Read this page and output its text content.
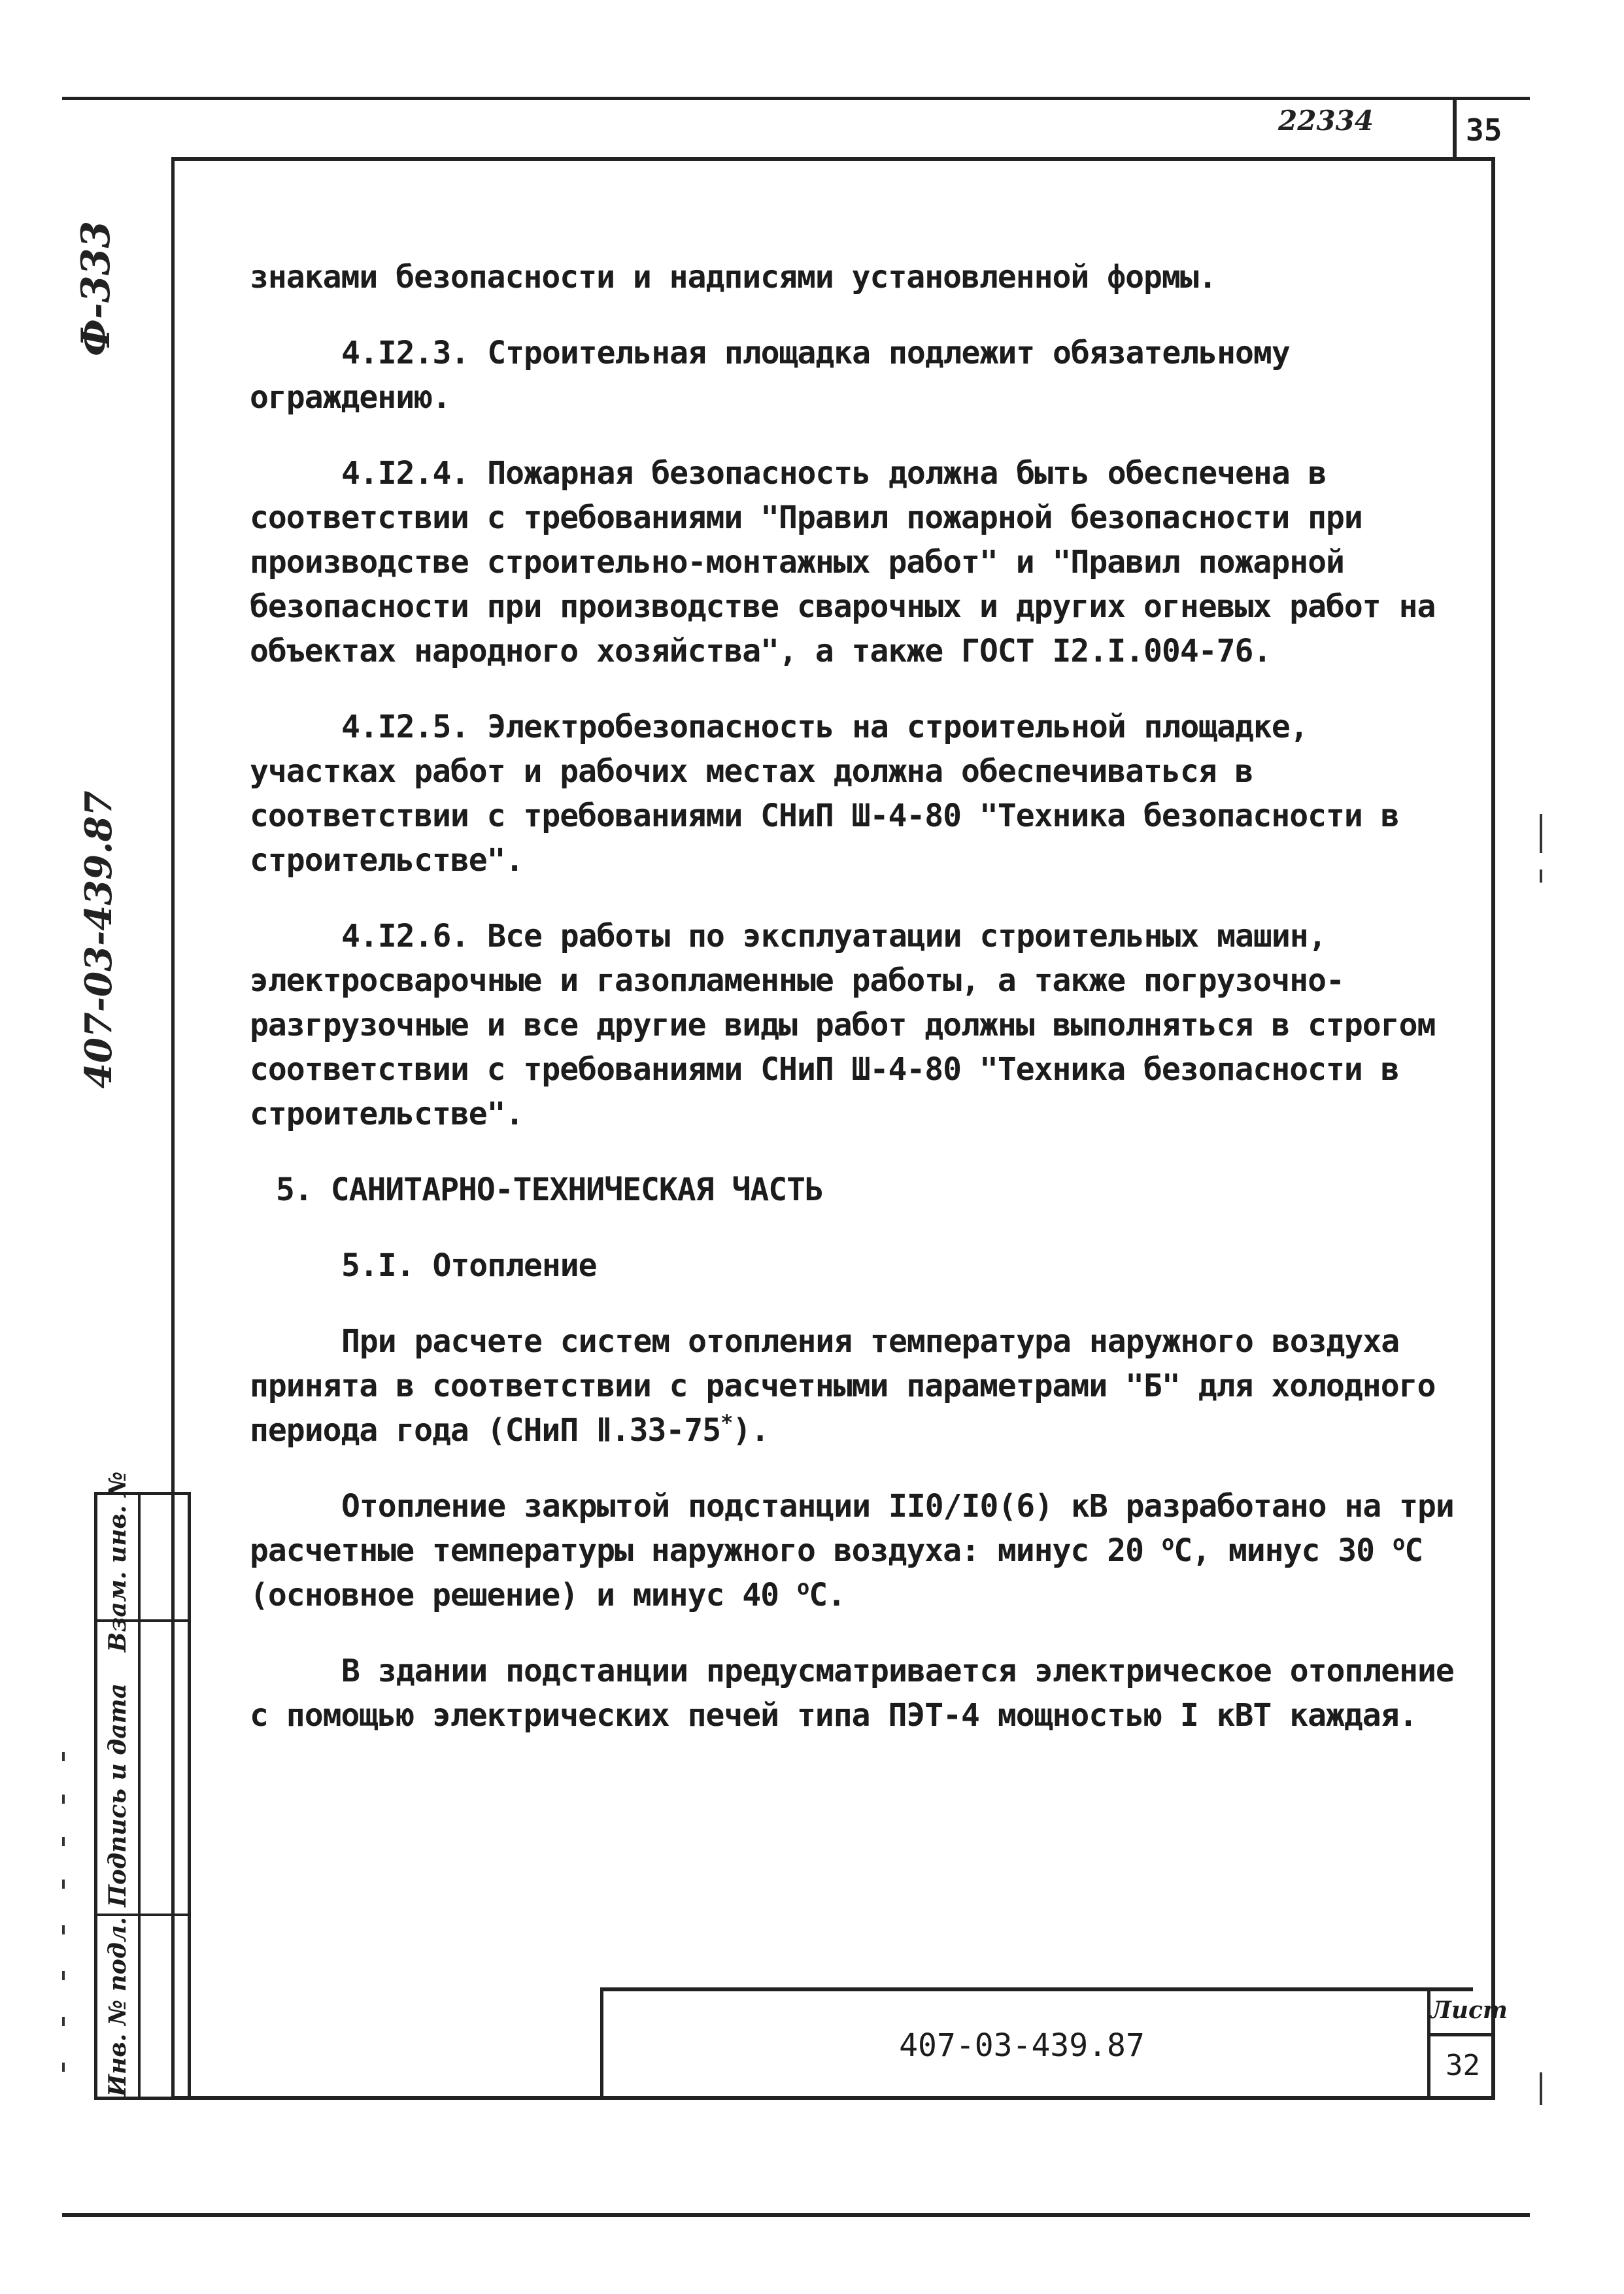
22334	35
Ф-333
407-03-439.87

знаками безопасности и надписями установленной формы.

4.I2.3. Строительная площадка подлежит обязательному ограждению.

4.I2.4. Пожарная безопасность должна быть обеспечена в соответствии с требованиями "Правил пожарной безопасности при производстве строительно-монтажных работ" и "Правил пожарной безопасности при производстве сварочных и других огневых работ на объектах народного хозяйства", а также ГОСТ I2.I.004-76.

4.I2.5. Электробезопасность на строительной площадке, участках работ и рабочих местах должна обеспечиваться в соответствии с требованиями СНиП Ш-4-80 "Техника безопасности в строительстве".

4.I2.6. Все работы по эксплуатации строительных машин, электросварочные и газопламенные работы, а также погрузочно-разгрузочные и все другие виды работ должны выполняться в строгом соответствии с требованиями СНиП Ш-4-80 "Техника безопасности в строительстве".

5. САНИТАРНО-ТЕХНИЧЕСКАЯ ЧАСТЬ

5.I. Отопление

При расчете систем отопления температура наружного воздуха принята в соответствии с расчетными параметрами "Б" для холодного периода года (СНиП Ⅱ.33-75*).

Отопление закрытой подстанции II0/I0(6) кВ разработано на три расчетные температуры наружного воздуха: минус 20 $^o$С, минус 30 $^o$С (основное решение) и минус 40 $^o$С.

В здании подстанции предусматривается электрическое отопление с помощью электрических печей типа ПЭТ-4 мощностью I кВТ каждая.

Инв. № подл.
Подпись и дата
Взам. инв. №
407-03-439.87
Лист
32
